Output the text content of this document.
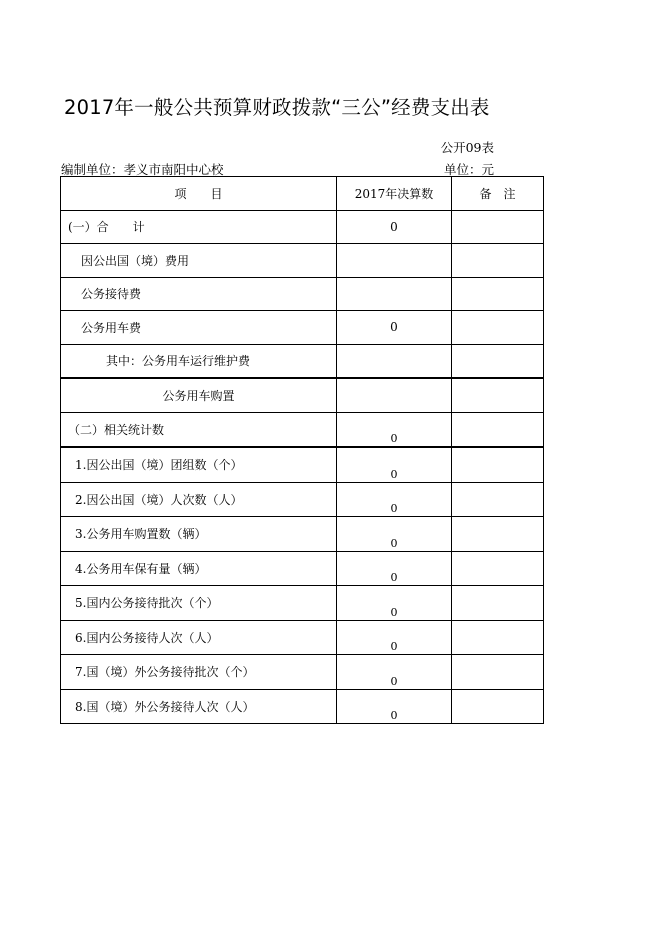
2017年一般公共预算财政拨款“三公”经费支出表
公开09表
编制单位：孝义市南阳中心校	单位：元
项　　目	2017年决算数	备　注
(一）合　　计	0	
因公出国（境）费用		
公务接待费		
公务用车费	0	
其中：公务用车运行维护费		
公务用车购置		
（二）相关统计数	0	
1.因公出国（境）团组数（个）	0	
2.因公出国（境）人次数（人）	0	
3.公务用车购置数（辆）	0	
4.公务用车保有量（辆）	0	
5.国内公务接待批次（个）	0	
6.国内公务接待人次（人）	0	
7.国（境）外公务接待批次（个）	0	
8.国（境）外公务接待人次（人）	0	
